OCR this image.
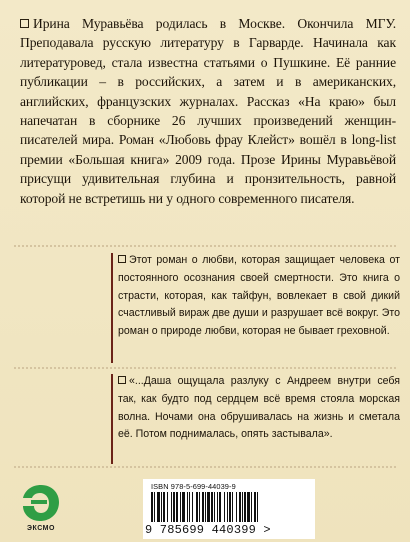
Ирина Муравьёва родилась в Москве. Окончила МГУ. Преподавала русскую литературу в Гарварде. Начинала как литературовед, стала известна статьями о Пушкине. Её ранние публикации – в российских, а затем и в американских, английских, французских журналах. Рассказ «На краю» был напечатан в сборнике 26 лучших произведений женщин-писателей мира. Роман «Любовь фрау Клейст» вошёл в long-list премии «Большая книга» 2009 года. Прозе Ирины Муравьёвой присущи удивительная глубина и пронзительность, равной которой не встретишь ни у одного современного писателя.

Этот роман о любви, которая защищает человека от постоянного осознания своей смертности. Это книга о страсти, которая, как тайфун, вовлекает в свой дикий счастливый вираж две души и разрушает всё вокруг. Это роман о природе любви, которая не бывает греховной.

«...Даша ощущала разлуку с Андреем внутри себя так, как будто под сердцем всё время стояла морская волна. Ночами она обрушивалась на жизнь и сметала её. Потом поднималась, опять застывала».

ЭКСМО
ISBN 978-5-699-44039-9
9 785699 440399 >
